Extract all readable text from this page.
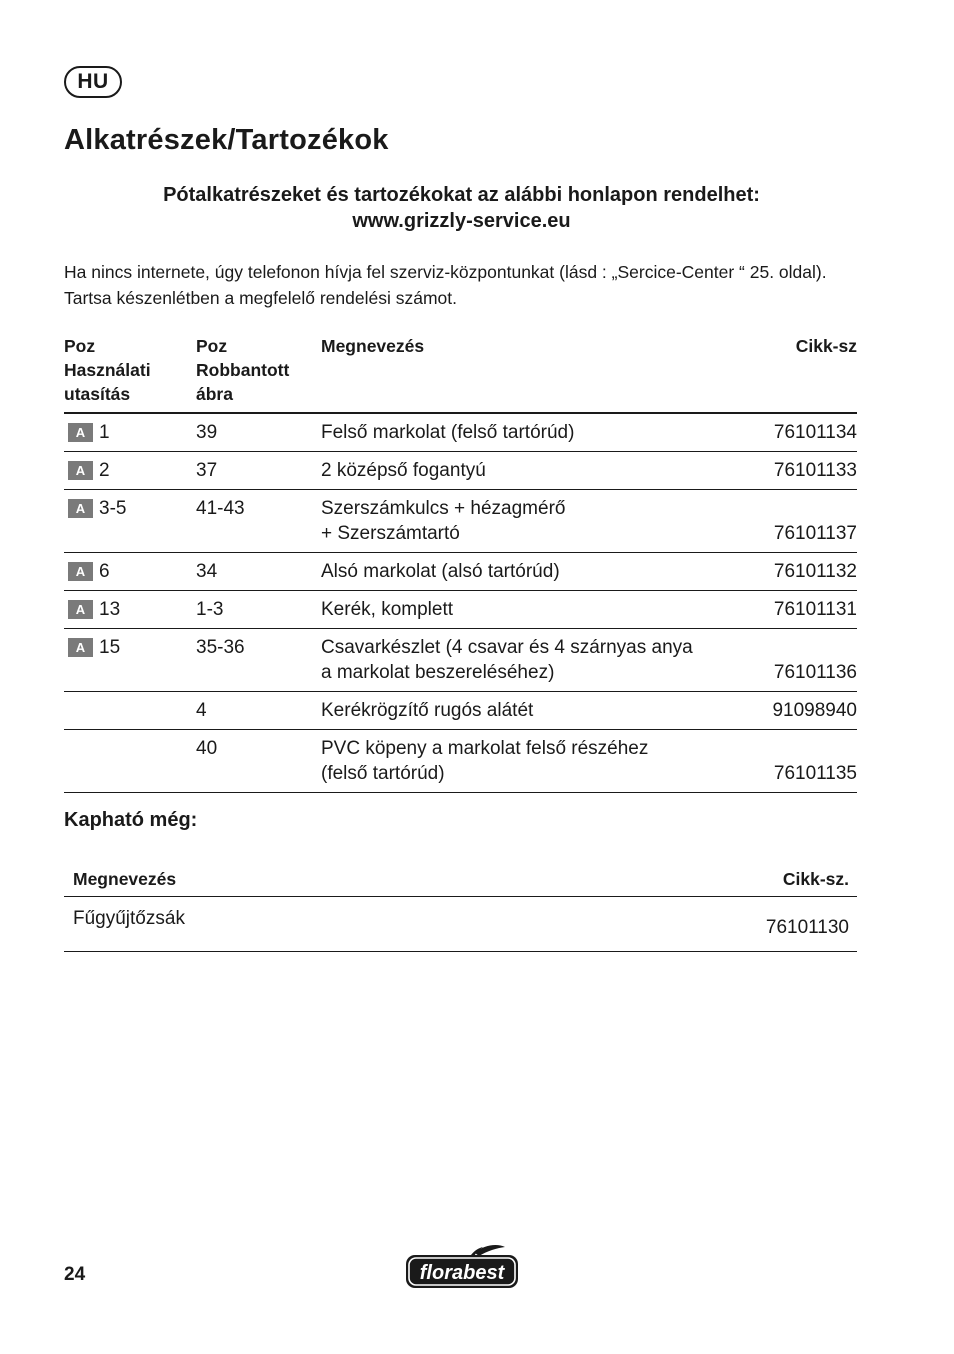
HU
Alkatrészek/Tartozékok
Pótalkatrészeket és tartozékokat az alábbi honlapon rendelhet:
www.grizzly-service.eu

Ha nincs internete, úgy telefonon hívja fel szerviz-központunkat (lásd : „Sercice-Center “ 25. oldal). Tartsa készenlétben a megfelelő rendelési számot.

Poz
Használati
utasítás	Poz
Robbantott
ábra	Megnevezés	Cikk-sz
A 1	39	Felső markolat (felső tartórúd)	76101134
A 2	37	2 középső fogantyú	76101133
A 3-5	41-43	Szerszámkulcs + hézagmérő
+ Szerszámtartó	76101137
A 6	34	Alsó markolat (alsó tartórúd)	76101132
A 13	1-3	Kerék, komplett	76101131
A 15	35-36	Csavarkészlet (4 csavar és 4 szárnyas anya
a markolat beszereléséhez)	76101136
	4	Kerékrögzítő rugós alátét	91098940
	40	PVC köpeny a markolat felső részéhez
(felső tartórúd)	76101135
Kapható még:
Megnevezés	Cikk-sz.
Fűgyűjtőzsák	76101130
24	florabest
